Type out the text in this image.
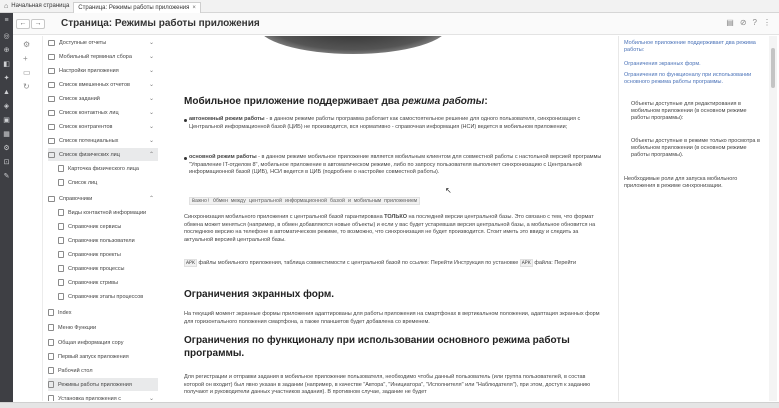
⌂ Начальная страница Страница: Режимы работы приложения ×
≡
◎
⊕
◧
✦
▲
◈
▣
▦
⚙
⊡
✎
←	→	Страница: Режимы работы приложения	▤ ⊘ ? ⋮
⚙
+
▭
↻
Доступные отчеты	⌄
Мобильный терминал сбора	⌄
Настройки приложения	⌄
Список вмешенных отчетов	⌄
Список заданий	⌄
Список контактных лиц	⌄
Список контрагентов	⌄
Список потенциальных	⌄
Список физических лиц	⌃
Карточка физического лица
Список лиц
Справочники	⌃
Виды контактной информации
Справочник сервисы
Справочник пользователи
Справочник проекты
Справочник процессы
Справочник стривы
Справочник этапы процессов
Index
Меню Функции
Общая информация copy
Первый запуск приложения
Рабочий стол
Режимы работы приложения
Установка приложения с	⌄
Мобильное приложение поддерживает два режима работы:
автономный режим работы - в данном режиме работы программа работает как самостоятельное решение для одного пользователя, синхронизация с Центральной информационной базой (ЦИБ) не производится, вся нормативно - справочная информация (НСИ) ведется в мобильном приложении;
основной режим работы - в данном режиме мобильное приложение является мобильным клиентом для совместной работы с настольной версией программы "Управление IT-отделом 8", мобильное приложение в автоматическом режиме, либо по запросу пользователя выполняет синхронизацию с Центральной информационной базой (ЦИБ), НСИ ведется в ЦИБ (подробнее о настройке совместной работы).
Важно! Обмен между центральной информационной базой и мобильным приложением
Синхронизация мобильного приложения с центральной базой гарантирована ТОЛЬКО на последней версии центральной базы. Это связано с тем, что формат обмена может меняться (например, в обмен добавляются новые объекты) и если у вас будет устаревшая версия центральной базы, а мобильное обновится на последнюю версию на телефоне в автоматическом режиме, то возможно, что синхронизация не будет производится. Стоит иметь это ввиду и следить за актуальной версией центральной базы.
APK файлы мобильного приложения, таблица совместимости с центральной базой по ссылке: Перейти Инструкция по установке APK файла: Перейти
Ограничения экранных форм.
На текущий момент экранные формы приложения адаптированы для работы приложения на смартфонах в вертикальном положении, адаптация экранных форм для горизонтального положения смартфона, а также планшетов будет добавлена со временем.
Ограничения по функционалу при использовании основного режима работы программы.
Для регистрации и отправки задания в мобильное приложение пользователя, необходимо чтобы данный пользователь (или группа пользователей, в состав которой он входит) был явно указан в задании (например, в качестве "Автора", "Инициатора", "Исполнителя" или "Наблюдателя"), при этом, доступ к заданию получают и руководители данных участников задания). В противном случае, задание не будет
↖
Мобильное приложение поддерживает два режима работы:
Ограничения экранных форм.
Ограничения по функционалу при использовании основного режима работы программы.
Объекты доступные для редактирования в мобильном приложении (в основном режиме работы программы):
Объекты доступные в режиме только просмотра в мобильном приложении (в основном режиме работы программы).
Необходимые роли для запуска мобильного приложения в режиме синхронизации.
